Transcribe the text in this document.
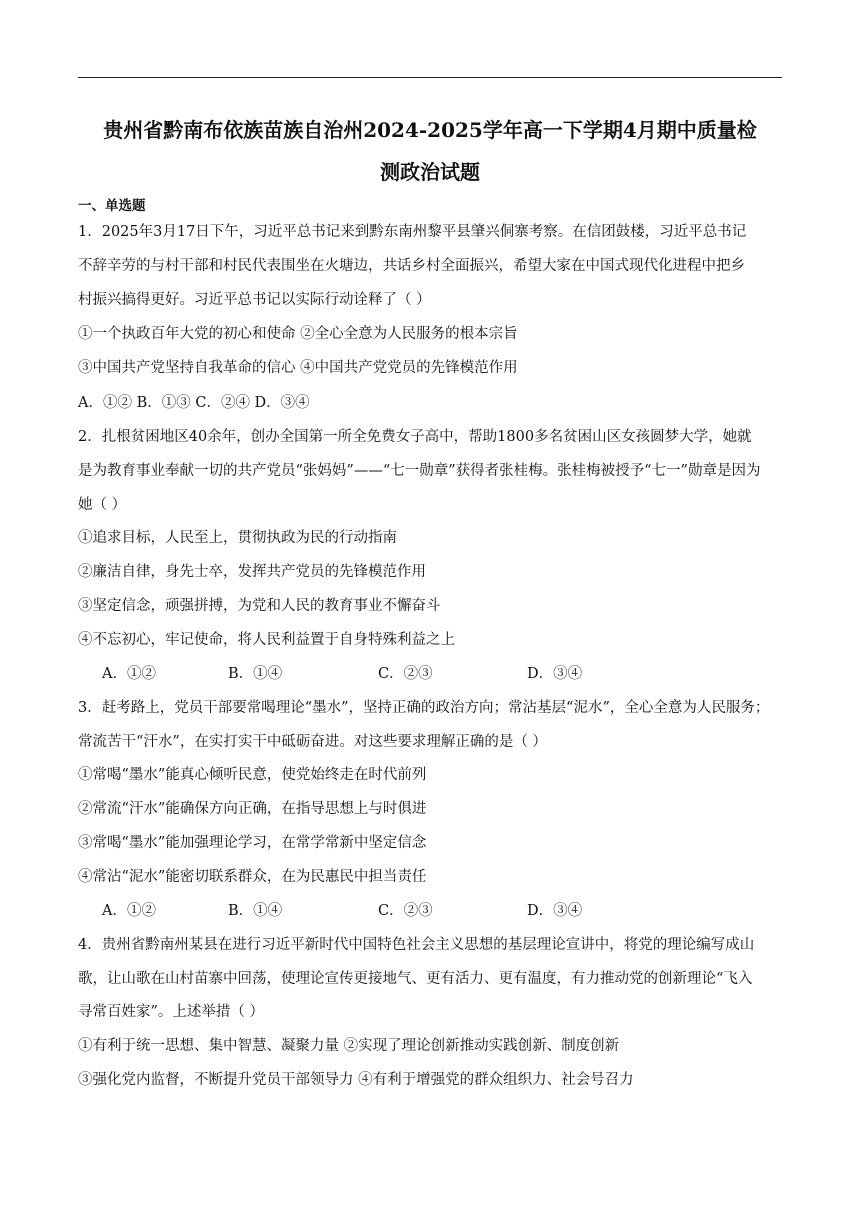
贵州省黔南布依族苗族自治州2024-2025学年高一下学期4月期中质量检
测政治试题
一、单选题
1．2025年3月17日下午，习近平总书记来到黔东南州黎平县肇兴侗寨考察。在信团鼓楼，习近平总书记
不辞辛劳的与村干部和村民代表围坐在火塘边，共话乡村全面振兴，希望大家在中国式现代化进程中把乡
村振兴搞得更好。习近平总书记以实际行动诠释了（ ）
①一个执政百年大党的初心和使命 ②全心全意为人民服务的根本宗旨
③中国共产党坚持自我革命的信心 ④中国共产党党员的先锋模范作用
A．①② B．①③ C．②④ D．③④
2．扎根贫困地区40余年，创办全国第一所全免费女子高中，帮助1800多名贫困山区女孩圆梦大学，她就
是为教育事业奉献一切的共产党员“张妈妈”——“七一勋章”获得者张桂梅。张桂梅被授予“七一”勋章是因为
她（ ）
①追求目标，人民至上，贯彻执政为民的行动指南
②廉洁自律，身先士卒，发挥共产党员的先锋模范作用
③坚定信念，顽强拼搏，为党和人民的教育事业不懈奋斗
④不忘初心，牢记使命，将人民利益置于自身特殊利益之上
A．①②	B．①④	C．②③	D．③④
3．赶考路上，党员干部要常喝理论“墨水”，坚持正确的政治方向；常沾基层“泥水”，全心全意为人民服务；
常流苦干“汗水”，在实打实干中砥砺奋进。对这些要求理解正确的是（ ）
①常喝“墨水”能真心倾听民意，使党始终走在时代前列
②常流“汗水”能确保方向正确，在指导思想上与时俱进
③常喝“墨水”能加强理论学习，在常学常新中坚定信念
④常沾“泥水”能密切联系群众，在为民惠民中担当责任
A．①②	B．①④	C．②③	D．③④
4．贵州省黔南州某县在进行习近平新时代中国特色社会主义思想的基层理论宣讲中，将党的理论编写成山
歌，让山歌在山村苗寨中回荡，使理论宣传更接地气、更有活力、更有温度，有力推动党的创新理论“飞入
寻常百姓家”。上述举措（ ）
①有利于统一思想、集中智慧、凝聚力量 ②实现了理论创新推动实践创新、制度创新
③强化党内监督，不断提升党员干部领导力 ④有利于增强党的群众组织力、社会号召力
